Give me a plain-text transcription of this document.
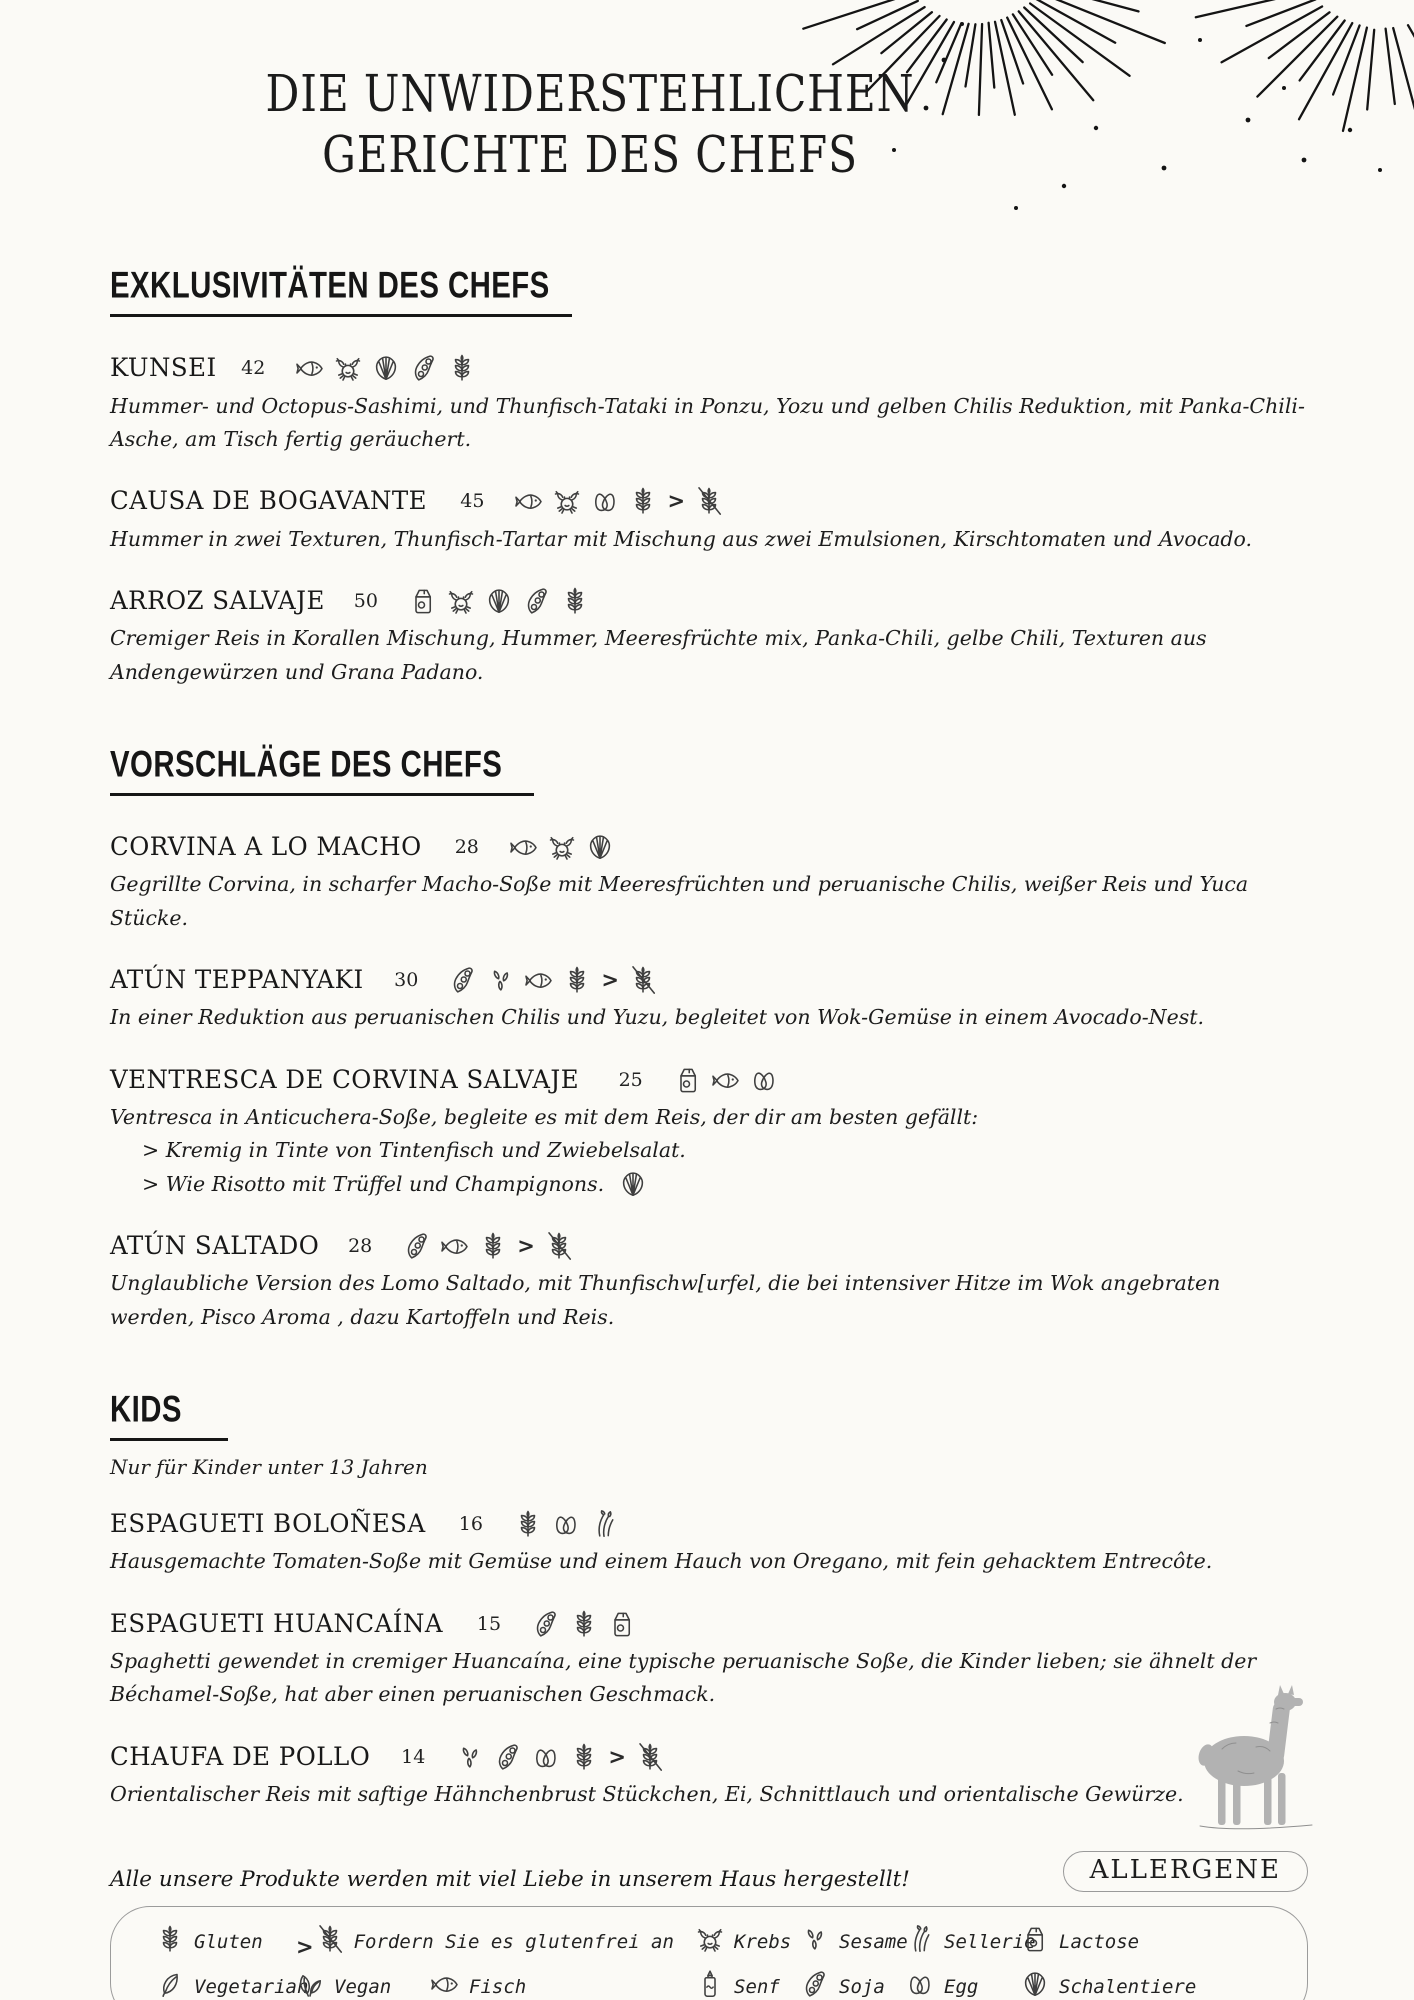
DIE UNWIDERSTEHLICHEN
GERICHTE DES CHEFS
EXKLUSIVITÄTEN DES CHEFS
KUNSEI 42

Hummer- und Octopus-Sashimi, und Thunfisch-Tataki in Ponzu, Yozu und gelben Chilis Reduktion, mit Panka-Chili-Asche, am Tisch fertig geräuchert.

CAUSA DE BOGAVANTE 45	>

Hummer in zwei Texturen, Thunfisch-Tartar mit Mischung aus zwei Emulsionen, Kirschtomaten und Avocado.

ARROZ SALVAJE 50

Cremiger Reis in Korallen Mischung, Hummer, Meeresfrüchte mix, Panka-Chili, gelbe Chili, Texturen aus Andengewürzen und Grana Padano.

VORSCHLÄGE DES CHEFS
CORVINA A LO MACHO 28

Gegrillte Corvina, in scharfer Macho-Soße mit Meeresfrüchten und peruanische Chilis, weißer Reis und Yuca Stücke.

ATÚN TEPPANYAKI 30	>

In einer Reduktion aus peruanischen Chilis und Yuzu, begleitet von Wok-Gemüse in einem Avocado-Nest.

VENTRESCA DE CORVINA SALVAJE 25

Ventresca in Anticuchera-Soße, begleite es mit dem Reis, der dir am besten gefällt:

> Kremig in Tinte von Tintenfisch und Zwiebelsalat.
> Wie Risotto mit Trüffel und Champignons.
ATÚN SALTADO 28	>

Unglaubliche Version des Lomo Saltado, mit Thunfischw[urfel, die bei intensiver Hitze im Wok angebraten werden, Pisco Aroma , dazu Kartoffeln und Reis.

KIDS

Nur für Kinder unter 13 Jahren

ESPAGUETI BOLOÑESA 16

Hausgemachte Tomaten-Soße mit Gemüse und einem Hauch von Oregano, mit fein gehacktem Entrecôte.

ESPAGUETI HUANCAÍNA 15

Spaghetti gewendet in cremiger Huancaína, eine typische peruanische Soße, die Kinder lieben; sie ähnelt der Béchamel-Soße, hat aber einen peruanischen Geschmack.

CHAUFA DE POLLO 14	>

Orientalischer Reis mit saftige Hähnchenbrust Stückchen, Ei, Schnittlauch und orientalische Gewürze.

Alle unsere Produkte werden mit viel Liebe in unserem Haus hergestellt!	ALLERGENE
Gluten >	Fordern Sie es glutenfrei an	Krebs	Sesame Sellerie Lactose
Vegetarian Vegan	Fisch	Senf	Soja	Egg	Schalentiere
